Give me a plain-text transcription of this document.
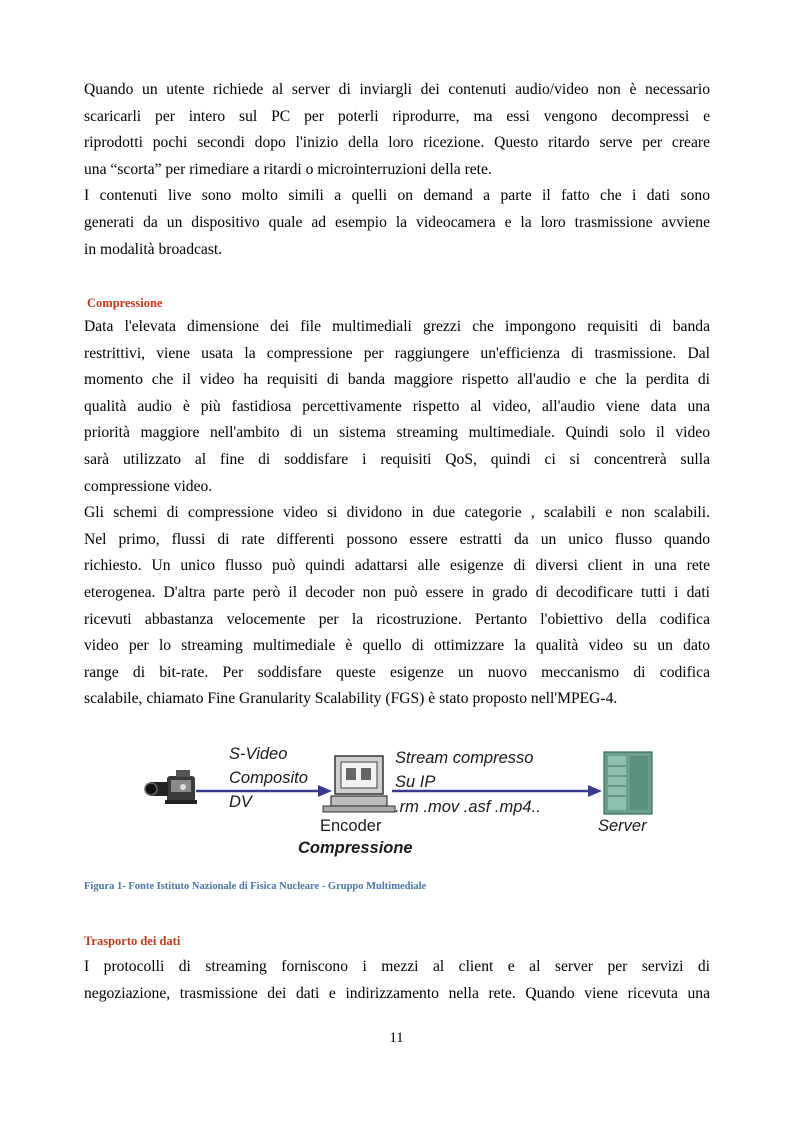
Quando un utente richiede al server di inviargli dei contenuti audio/video non è necessario
scaricarli per intero sul PC per poterli riprodurre, ma essi vengono decompressi e
riprodotti pochi secondi dopo l'inizio della loro ricezione. Questo ritardo serve per creare
una “scorta” per rimediare a ritardi o microinterruzioni della rete.
I contenuti live sono molto simili a quelli on demand a parte il fatto che i dati sono
generati da un dispositivo quale ad esempio la videocamera e la loro trasmissione avviene
in modalità broadcast.

Compressione

Data l'elevata dimensione dei file multimediali grezzi che impongono requisiti di banda
restrittivi, viene usata la compressione per raggiungere un'efficienza di trasmissione. Dal
momento che il video ha requisiti di banda maggiore rispetto all'audio e che la perdita di
qualità audio è più fastidiosa percettivamente rispetto al video, all'audio viene data una
priorità maggiore nell'ambito di un sistema streaming multimediale. Quindi solo il video
sarà utilizzato al fine di soddisfare i requisiti QoS, quindi ci si concentrerà sulla
compressione video.
Gli schemi di compressione video si dividono in due categorie , scalabili e non scalabili.
Nel primo, flussi di rate differenti possono essere estratti da un unico flusso quando
richiesto. Un unico flusso può quindi adattarsi alle esigenze di diversi client in una rete
eterogenea. D'altra parte però il decoder non può essere in grado di decodificare tutti i dati
ricevuti abbastanza velocemente per la ricostruzione. Pertanto l'obiettivo della codifica
video per lo streaming multimediale è quello di ottimizzare la qualità video su un dato
range di bit-rate. Per soddisfare queste esigenze un nuovo meccanismo di codifica
scalabile, chiamato Fine Granularity Scalability (FGS) è stato proposto nell'MPEG-4.
S-Video
Composito
DV
Stream compresso
Su IP
.rm .mov .asf .mp4..
Encoder
Compressione
Server

Figura 1- Fonte Istituto Nazionale di Fisica Nucleare - Gruppo Multimediale

Trasporto dei dati

I protocolli di streaming forniscono i mezzi al client e al server per servizi di
negoziazione, trasmissione dei dati e indirizzamento nella rete. Quando viene ricevuta una

11
